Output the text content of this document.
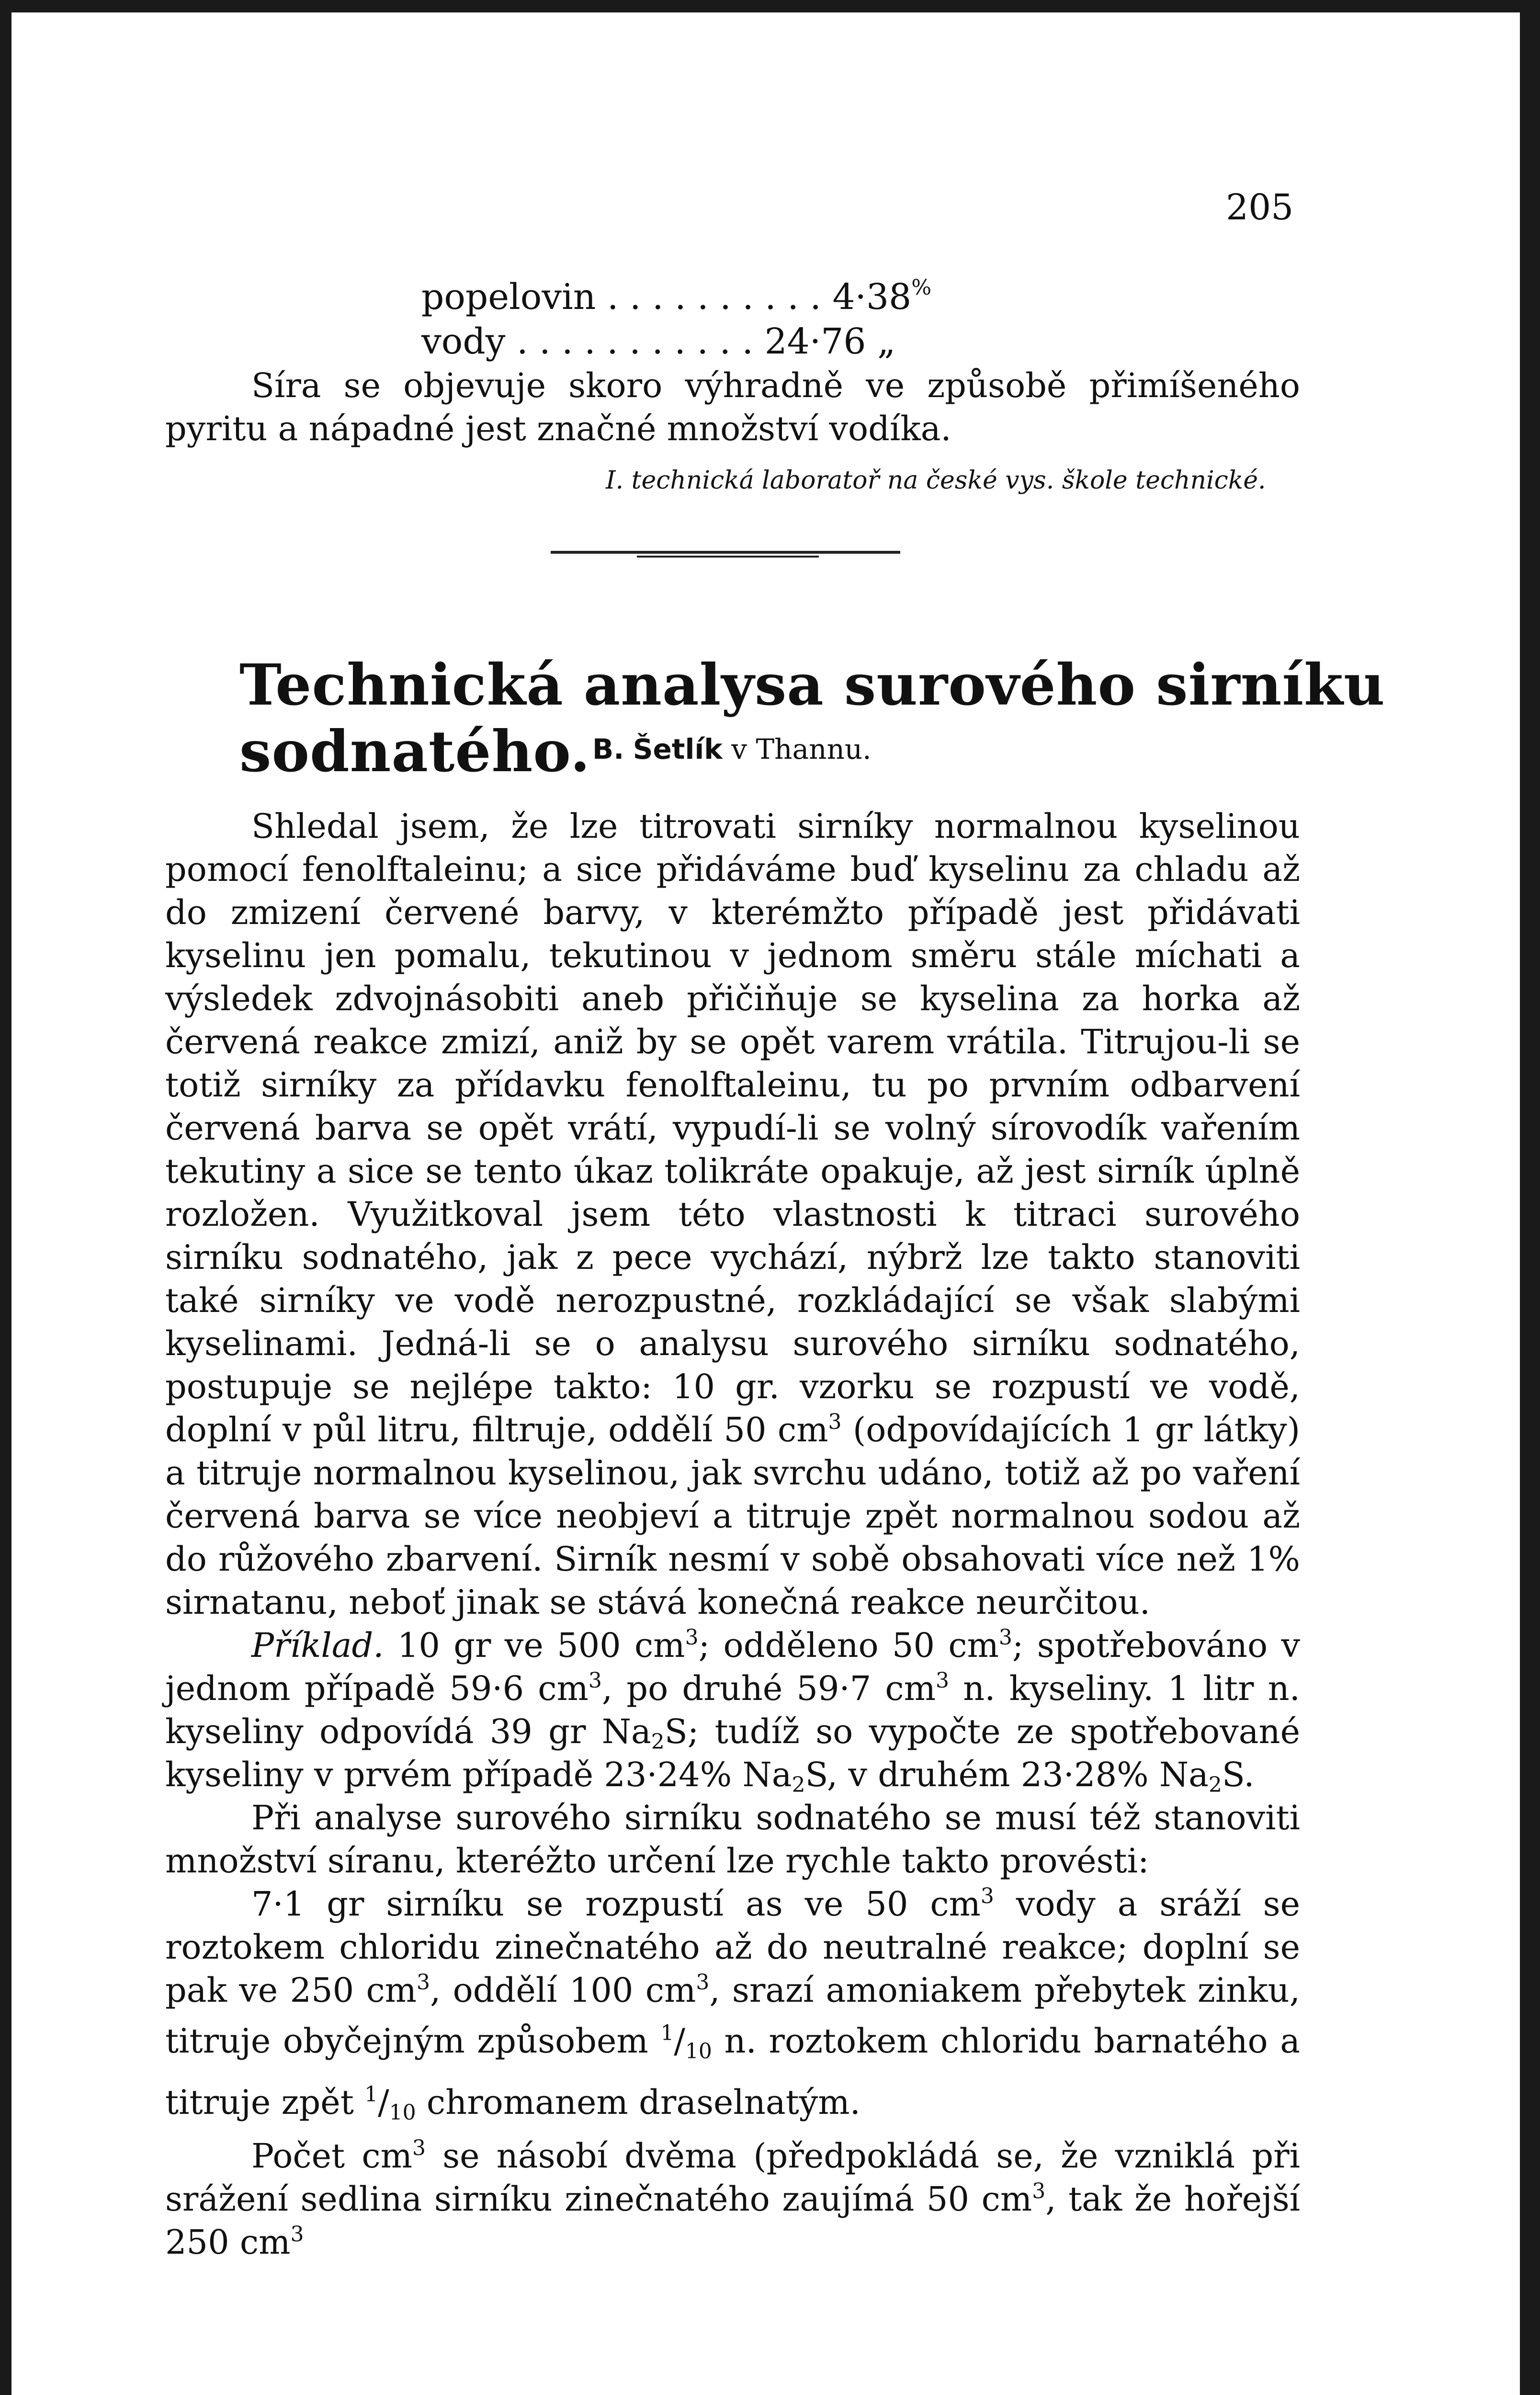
205
popelovin . . . . . . . . . . 4·38%
vody . . . . . . . . . . . 24·76 „

Síra se objevuje skoro výhradně ve způsobě přimíšeného pyritu a nápadné jest značné množství vodíka.

I. technická laboratoř na české vys. škole technické.
Technická analysa surového sirníku sodnatého. B. Šetlík v Thannu.

Shledal jsem, že lze titrovati sirníky normalnou kyselinou pomocí fenolftaleinu; a sice přidáváme buď kyselinu za chladu až do zmizení červené barvy, v kterémžto případě jest přidávati kyselinu jen pomalu, tekutinou v jednom směru stále míchati a výsledek zdvojnásobiti aneb přičiňuje se kyselina za horka až červená reakce zmizí, aniž by se opět varem vrátila. Titrujou-li se totiž sirníky za přídavku fenolftaleinu, tu po prvním odbarvení červená barva se opět vrátí, vypudí-li se volný sírovodík vařením tekutiny a sice se tento úkaz tolikráte opakuje, až jest sirník úplně rozložen. Využitkoval jsem této vlastnosti k titraci surového sirníku sodnatého, jak z pece vychází, nýbrž lze takto stanoviti také sirníky ve vodě nerozpustné, rozkládající se však slabými kyselinami. Jedná-li se o analysu surového sirníku sodnatého, postupuje se nejlépe takto: 10 gr. vzorku se rozpustí ve vodě, doplní v půl litru, filtruje, oddělí 50 $cm^3$ (odpovídajících 1 gr látky) a titruje normalnou kyselinou, jak svrchu udáno, totiž až po vaření červená barva se více neobjeví a titruje zpět normalnou sodou až do růžového zbarvení. Sirník nesmí v sobě obsahovati více než 1% sirnatanu, neboť jinak se stává konečná reakce neurčitou.

Příklad. 10 gr ve 500 $cm^3$; odděleno 50 $cm^3$; spotřebováno v jednom případě 59·6 $cm^3$, po druhé 59·7 $cm^3$ n. kyseliny. 1 litr n. kyseliny odpovídá 39 gr Na2S; tudíž so vypočte ze spotřebované kyseliny v prvém případě 23·24% Na2S, v druhém 23·28% Na2S.

Při analyse surového sirníku sodnatého se musí též stanoviti množství síranu, kteréžto určení lze rychle takto provésti:

7·1 gr sirníku se rozpustí as ve 50 $cm^3$ vody a sráží se roztokem chloridu zinečnatého až do neutralné reakce; doplní se pak ve 250 $cm^3$, oddělí 100 $cm^3$, srazí amoniakem přebytek zinku, titruje obyčejným způsobem $^1$/10 n. roztokem chloridu barnatého a titruje zpět $^1$/10 chromanem draselnatým.

Počet $cm^3$ se násobí dvěma (předpokládá se, že vzniklá při srážení sedlina sirníku zinečnatého zaujímá 50 $cm^3$, tak že hořejší 250 $cm^3$
